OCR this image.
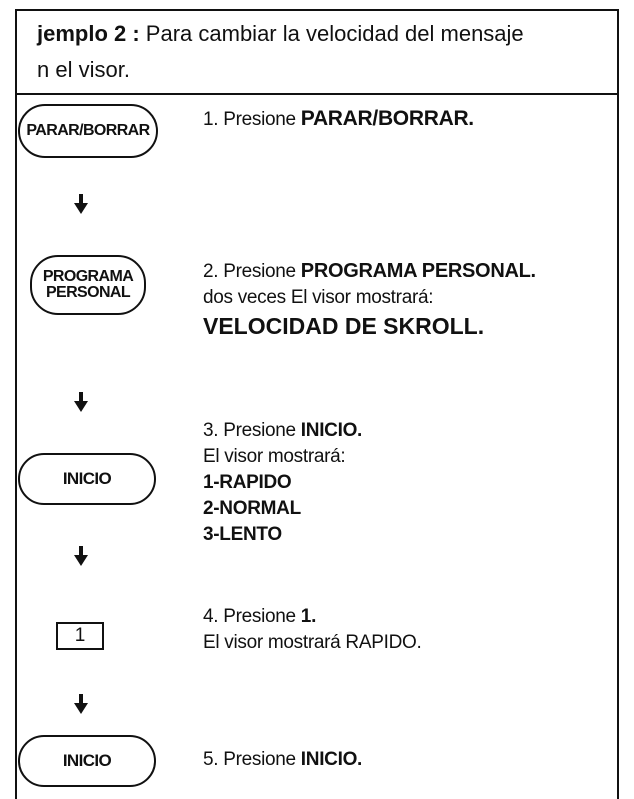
jemplo 2 : Para cambiar la velocidad del mensaje
n el visor.
PARAR/BORRAR
PROGRAMA
PERSONAL
INICIO
1
INICIO
1. Presione PARAR/BORRAR.
2. Presione PROGRAMA PERSONAL.
dos veces El visor mostrará:
VELOCIDAD DE SKROLL.
3. Presione INICIO.
El visor mostrará:
1-RAPIDO
2-NORMAL
3-LENTO
4. Presione 1.
El visor mostrará RAPIDO.
5. Presione INICIO.
